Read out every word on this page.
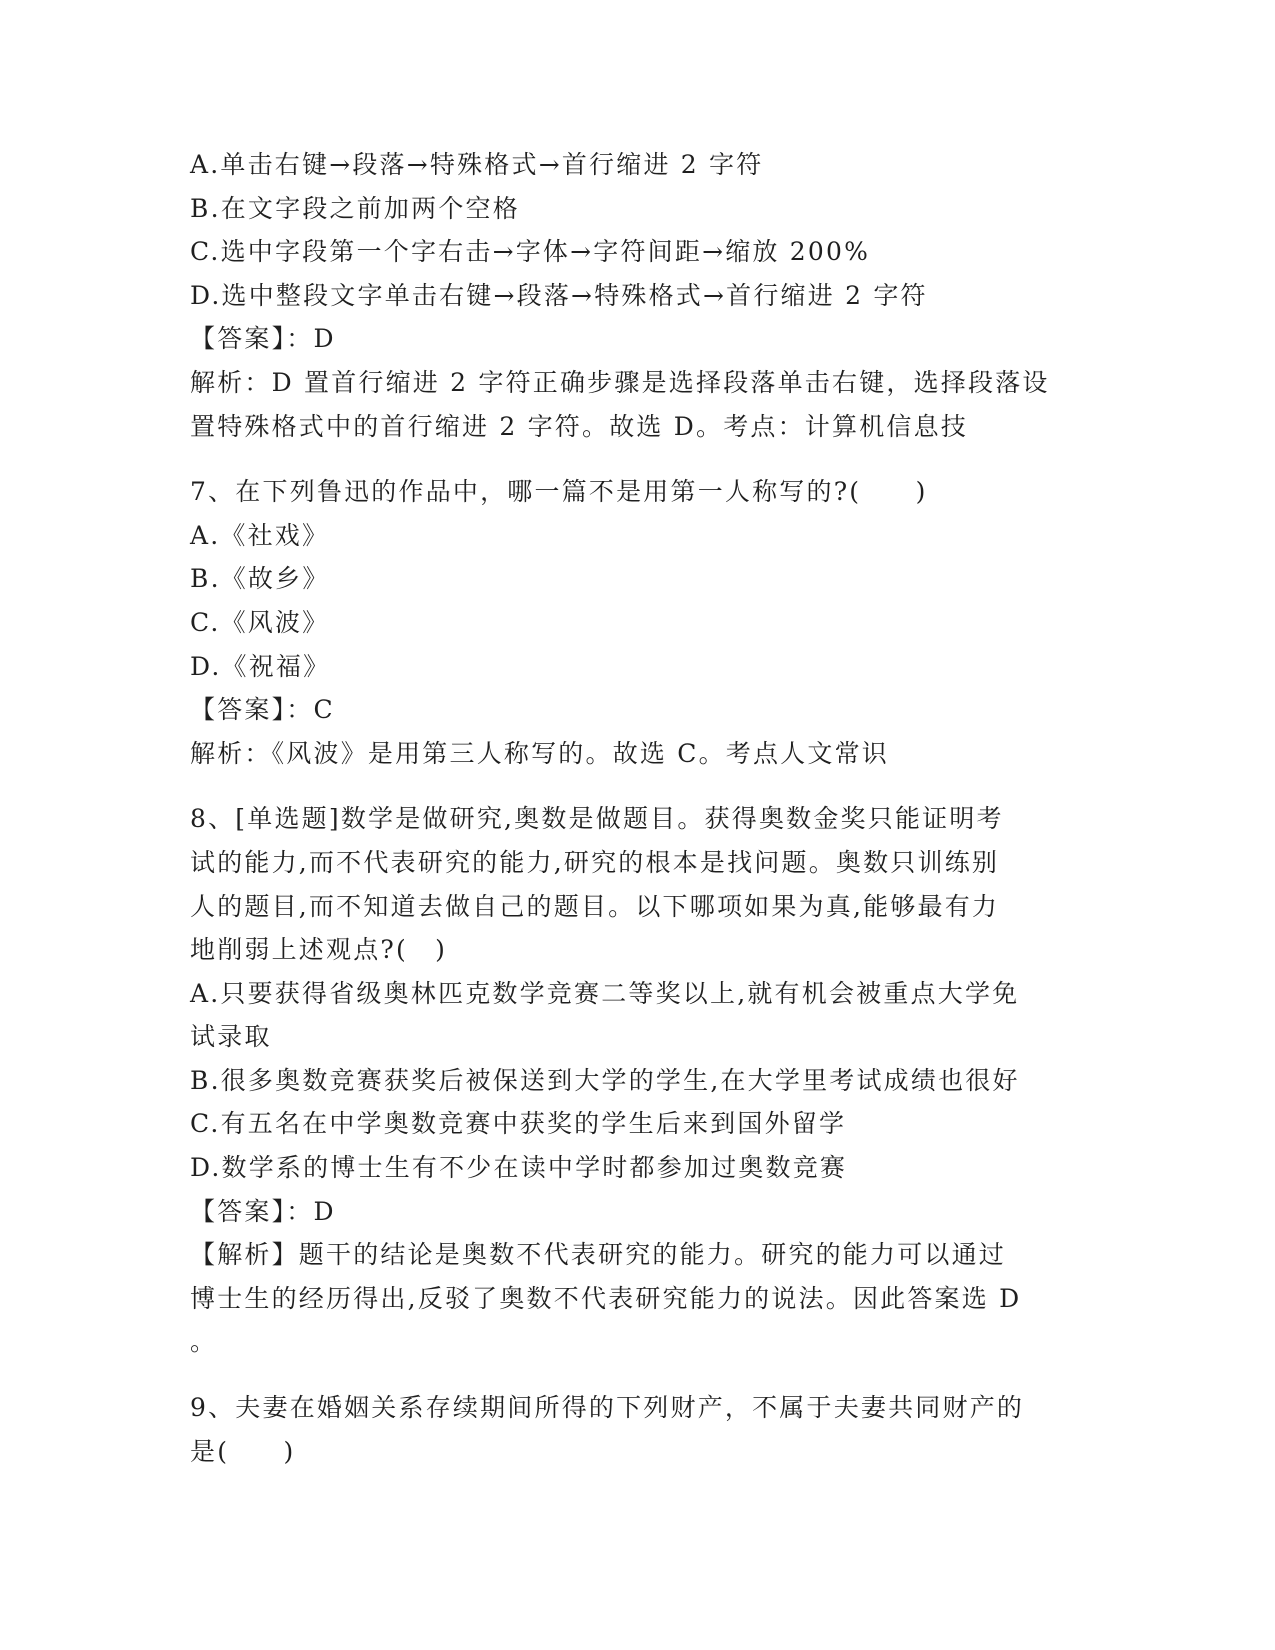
A.单击右键→段落→特殊格式→首行缩进 2 字符
B.在文字段之前加两个空格
C.选中字段第一个字右击→字体→字符间距→缩放 200%
D.选中整段文字单击右键→段落→特殊格式→首行缩进 2 字符
【答案】：D
解析：D 置首行缩进 2 字符正确步骤是选择段落单击右键，选择段落设
置特殊格式中的首行缩进 2 字符。故选 D。考点：计算机信息技
7、在下列鲁迅的作品中，哪一篇不是用第一人称写的?(　　)
A.《社戏》
B.《故乡》
C.《风波》
D.《祝福》
【答案】：C
解析：《风波》是用第三人称写的。故选 C。考点人文常识
8、[单选题]数学是做研究,奥数是做题目。获得奥数金奖只能证明考
试的能力,而不代表研究的能力,研究的根本是找问题。奥数只训练别
人的题目,而不知道去做自己的题目。以下哪项如果为真,能够最有力
地削弱上述观点?(　)
A.只要获得省级奥林匹克数学竞赛二等奖以上,就有机会被重点大学免
试录取
B.很多奥数竞赛获奖后被保送到大学的学生,在大学里考试成绩也很好
C.有五名在中学奥数竞赛中获奖的学生后来到国外留学
D.数学系的博士生有不少在读中学时都参加过奥数竞赛
【答案】：D
【解析】题干的结论是奥数不代表研究的能力。研究的能力可以通过
博士生的经历得出,反驳了奥数不代表研究能力的说法。因此答案选 D
。
9、夫妻在婚姻关系存续期间所得的下列财产，不属于夫妻共同财产的
是(　　)
